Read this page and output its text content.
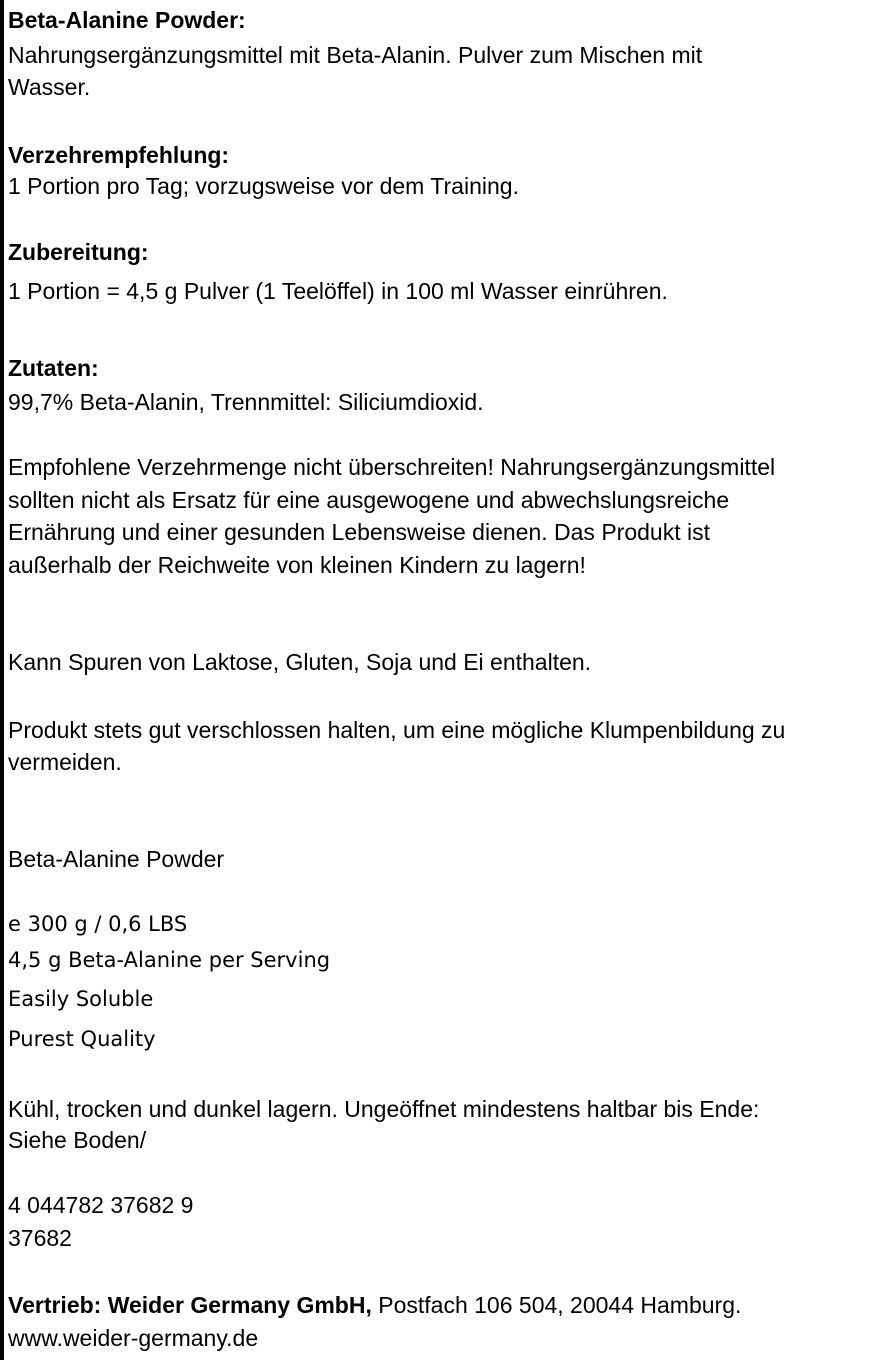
Beta-Alanine Powder:

Nahrungsergänzungsmittel mit Beta-Alanin. Pulver zum Mischen mit

Wasser.

Verzehrempfehlung:

1 Portion pro Tag; vorzugsweise vor dem Training.

Zubereitung:

1 Portion = 4,5 g Pulver (1 Teelöffel) in 100 ml Wasser einrühren.

Zutaten:

99,7% Beta-Alanin, Trennmittel: Siliciumdioxid.

Empfohlene Verzehrmenge nicht überschreiten! Nahrungsergänzungsmittel

sollten nicht als Ersatz für eine ausgewogene und abwechslungsreiche

Ernährung und einer gesunden Lebensweise dienen. Das Produkt ist

außerhalb der Reichweite von kleinen Kindern zu lagern!

Kann Spuren von Laktose, Gluten, Soja und Ei enthalten.

Produkt stets gut verschlossen halten, um eine mögliche Klumpenbildung zu

vermeiden.

Beta-Alanine Powder

e 300 g / 0,6 LBS

4,5 g Beta-Alanine per Serving

Easily Soluble

Purest Quality

Kühl, trocken und dunkel lagern. Ungeöffnet mindestens haltbar bis Ende:

Siehe Boden/

4 044782 37682 9

37682

Vertrieb: Weider Germany GmbH, Postfach 106 504, 20044 Hamburg.

www.weider-germany.de
